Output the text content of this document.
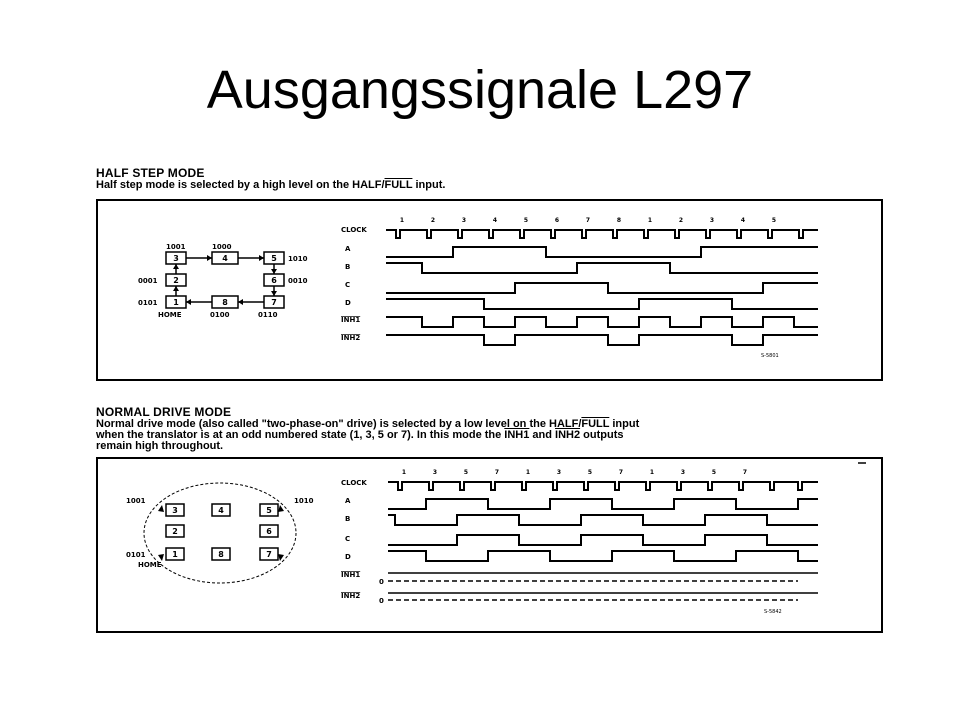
Ausgangssignale L297
HALF STEP MODE
Half step mode is selected by a high level on the HALF/FULL input.
3	4	5
2	6
1	8	7
1001	1000
1010
0001	0010
0101
0100	0110
HOME
CLOCK
A
B
C
D
INH1
INH2
1	2	3	4	5	6	7	8	1	2	3	4	5
S-5801
NORMAL DRIVE MODE
Normal drive mode (also called "two-phase-on" drive) is selected by a low level on the HALF/FULL input
when the translator is at an odd numbered state (1, 3, 5 or 7). In this mode the INH1 and INH2 outputs
remain high throughout.
3	4	5
2	6
1	8	7
1001	1010
0101
HOME
CLOCK
A
B
C
D
INH1
INH2
0
0
1	3	5	7	1	3	5	7	1	3	5	7
S-5842
